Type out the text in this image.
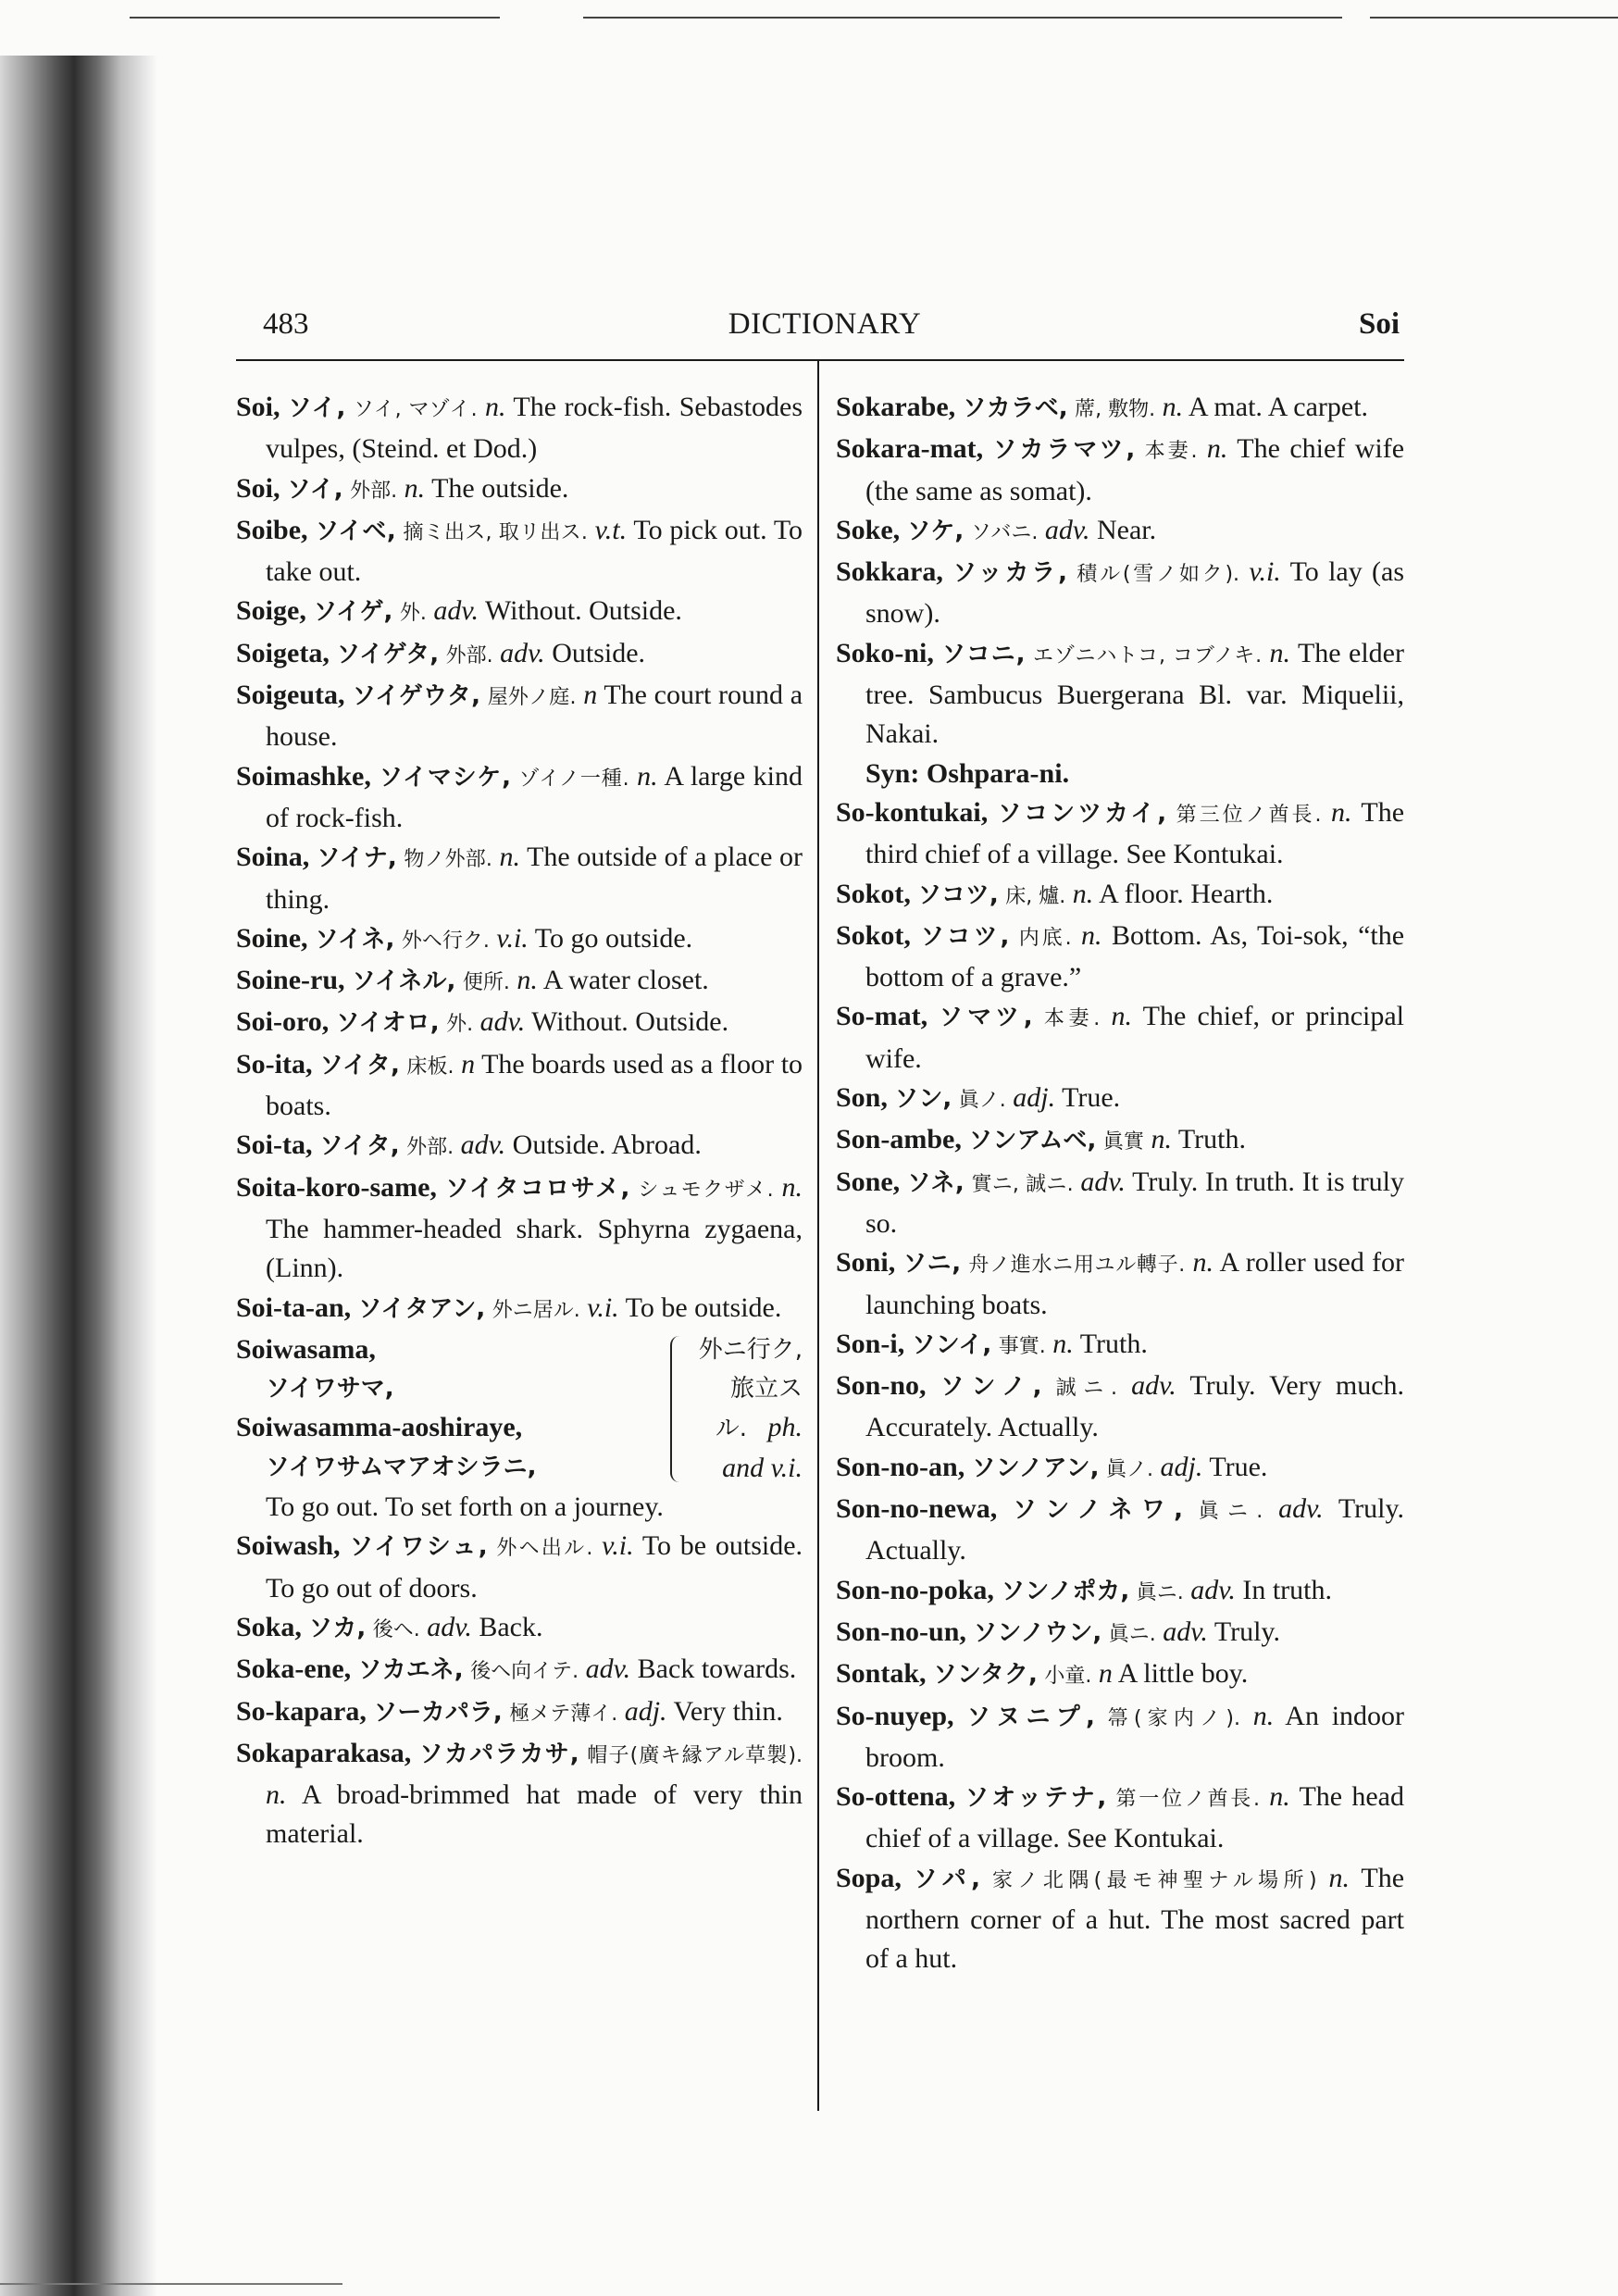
483	DICTIONARY	Soi
Soi, ソイ, ソイ, マゾイ. n. The rock-fish. Sebastodes vulpes, (Steind. et Dod.)
Soi, ソイ, 外部. n. The outside.
Soibe, ソイベ, 摘ミ出ス, 取リ出ス. v.t. To pick out. To take out.
Soige, ソイゲ, 外. adv. Without. Outside.
Soigeta, ソイゲタ, 外部. adv. Outside.
Soigeuta, ソイゲウタ, 屋外ノ庭. n The court round a house.
Soimashke, ソイマシケ, ゾイノ一種. n. A large kind of rock-fish.
Soina, ソイナ, 物ノ外部. n. The outside of a place or thing.
Soine, ソイネ, 外ヘ行ク. v.i. To go outside.
Soine-ru, ソイネル, 便所. n. A water closet.
Soi-oro, ソイオロ, 外. adv. Without. Outside.
So-ita, ソイタ, 床板. n The boards used as a floor to boats.
Soi-ta, ソイタ, 外部. adv. Outside. Abroad.
Soita-koro-same, ソイタコロサメ, シュモクザメ. n. The hammer-headed shark. Sphyrna zygaena, (Linn).
Soi-ta-an, ソイタアン, 外ニ居ル. v.i. To be outside.
Soiwasama,
ソイワサマ,
Soiwasamma-aoshiraye,
ソイワサムマアオシラニ,
外ニ行ク,
旅立ス
ル. ph.
and v.i.
To go out. To set forth on a journey.
Soiwash, ソイワシュ, 外ヘ出ル. v.i. To be outside. To go out of doors.
Soka, ソカ, 後ヘ. adv. Back.
Soka-ene, ソカエネ, 後ヘ向イテ. adv. Back towards.
So-kapara, ソーカパラ, 極メテ薄イ. adj. Very thin.
Sokaparakasa, ソカパラカサ, 帽子(廣キ縁アル草製). n. A broad-brimmed hat made of very thin material.
Sokarabe, ソカラベ, 蓆, 敷物. n. A mat. A carpet.
Sokara-mat, ソカラマツ, 本妻. n. The chief wife (the same as somat).
Soke, ソケ, ソバニ. adv. Near.
Sokkara, ソッカラ, 積ル(雪ノ如ク). v.i. To lay (as snow).
Soko-ni, ソコニ, エゾニハトコ, コブノキ. n. The elder tree. Sambucus Buergerana Bl. var. Miquelii, Nakai.
Syn: Oshpara-ni.
So-kontukai, ソコンツカイ, 第三位ノ酋長. n. The third chief of a village. See Kontukai.
Sokot, ソコツ, 床, 爐. n. A floor. Hearth.
Sokot, ソコツ, 内底. n. Bottom. As, Toi-sok, “the bottom of a grave.”
So-mat, ソマツ, 本妻. n. The chief, or principal wife.
Son, ソン, 眞ノ. adj. True.
Son-ambe, ソンアムベ, 眞實 n. Truth.
Sone, ソネ, 實ニ, 誠ニ. adv. Truly. In truth. It is truly so.
Soni, ソニ, 舟ノ進水ニ用ユル轉子. n. A roller used for launching boats.
Son-i, ソンイ, 事實. n. Truth.
Son-no, ソンノ, 誠ニ. adv. Truly. Very much. Accurately. Actually.
Son-no-an, ソンノアン, 眞ノ. adj. True.
Son-no-newa, ソンノネワ, 眞ニ. adv. Truly. Actually.
Son-no-poka, ソンノポカ, 眞ニ. adv. In truth.
Son-no-un, ソンノウン, 眞ニ. adv. Truly.
Sontak, ソンタク, 小童. n A little boy.
So-nuyep, ソヌニプ, 箒(家内ノ). n. An indoor broom.
So-ottena, ソオッテナ, 第一位ノ酋長. n. The head chief of a village. See Kontukai.
Sopa, ソパ, 家ノ北隅(最モ神聖ナル場所) n. The northern corner of a hut. The most sacred part of a hut.
